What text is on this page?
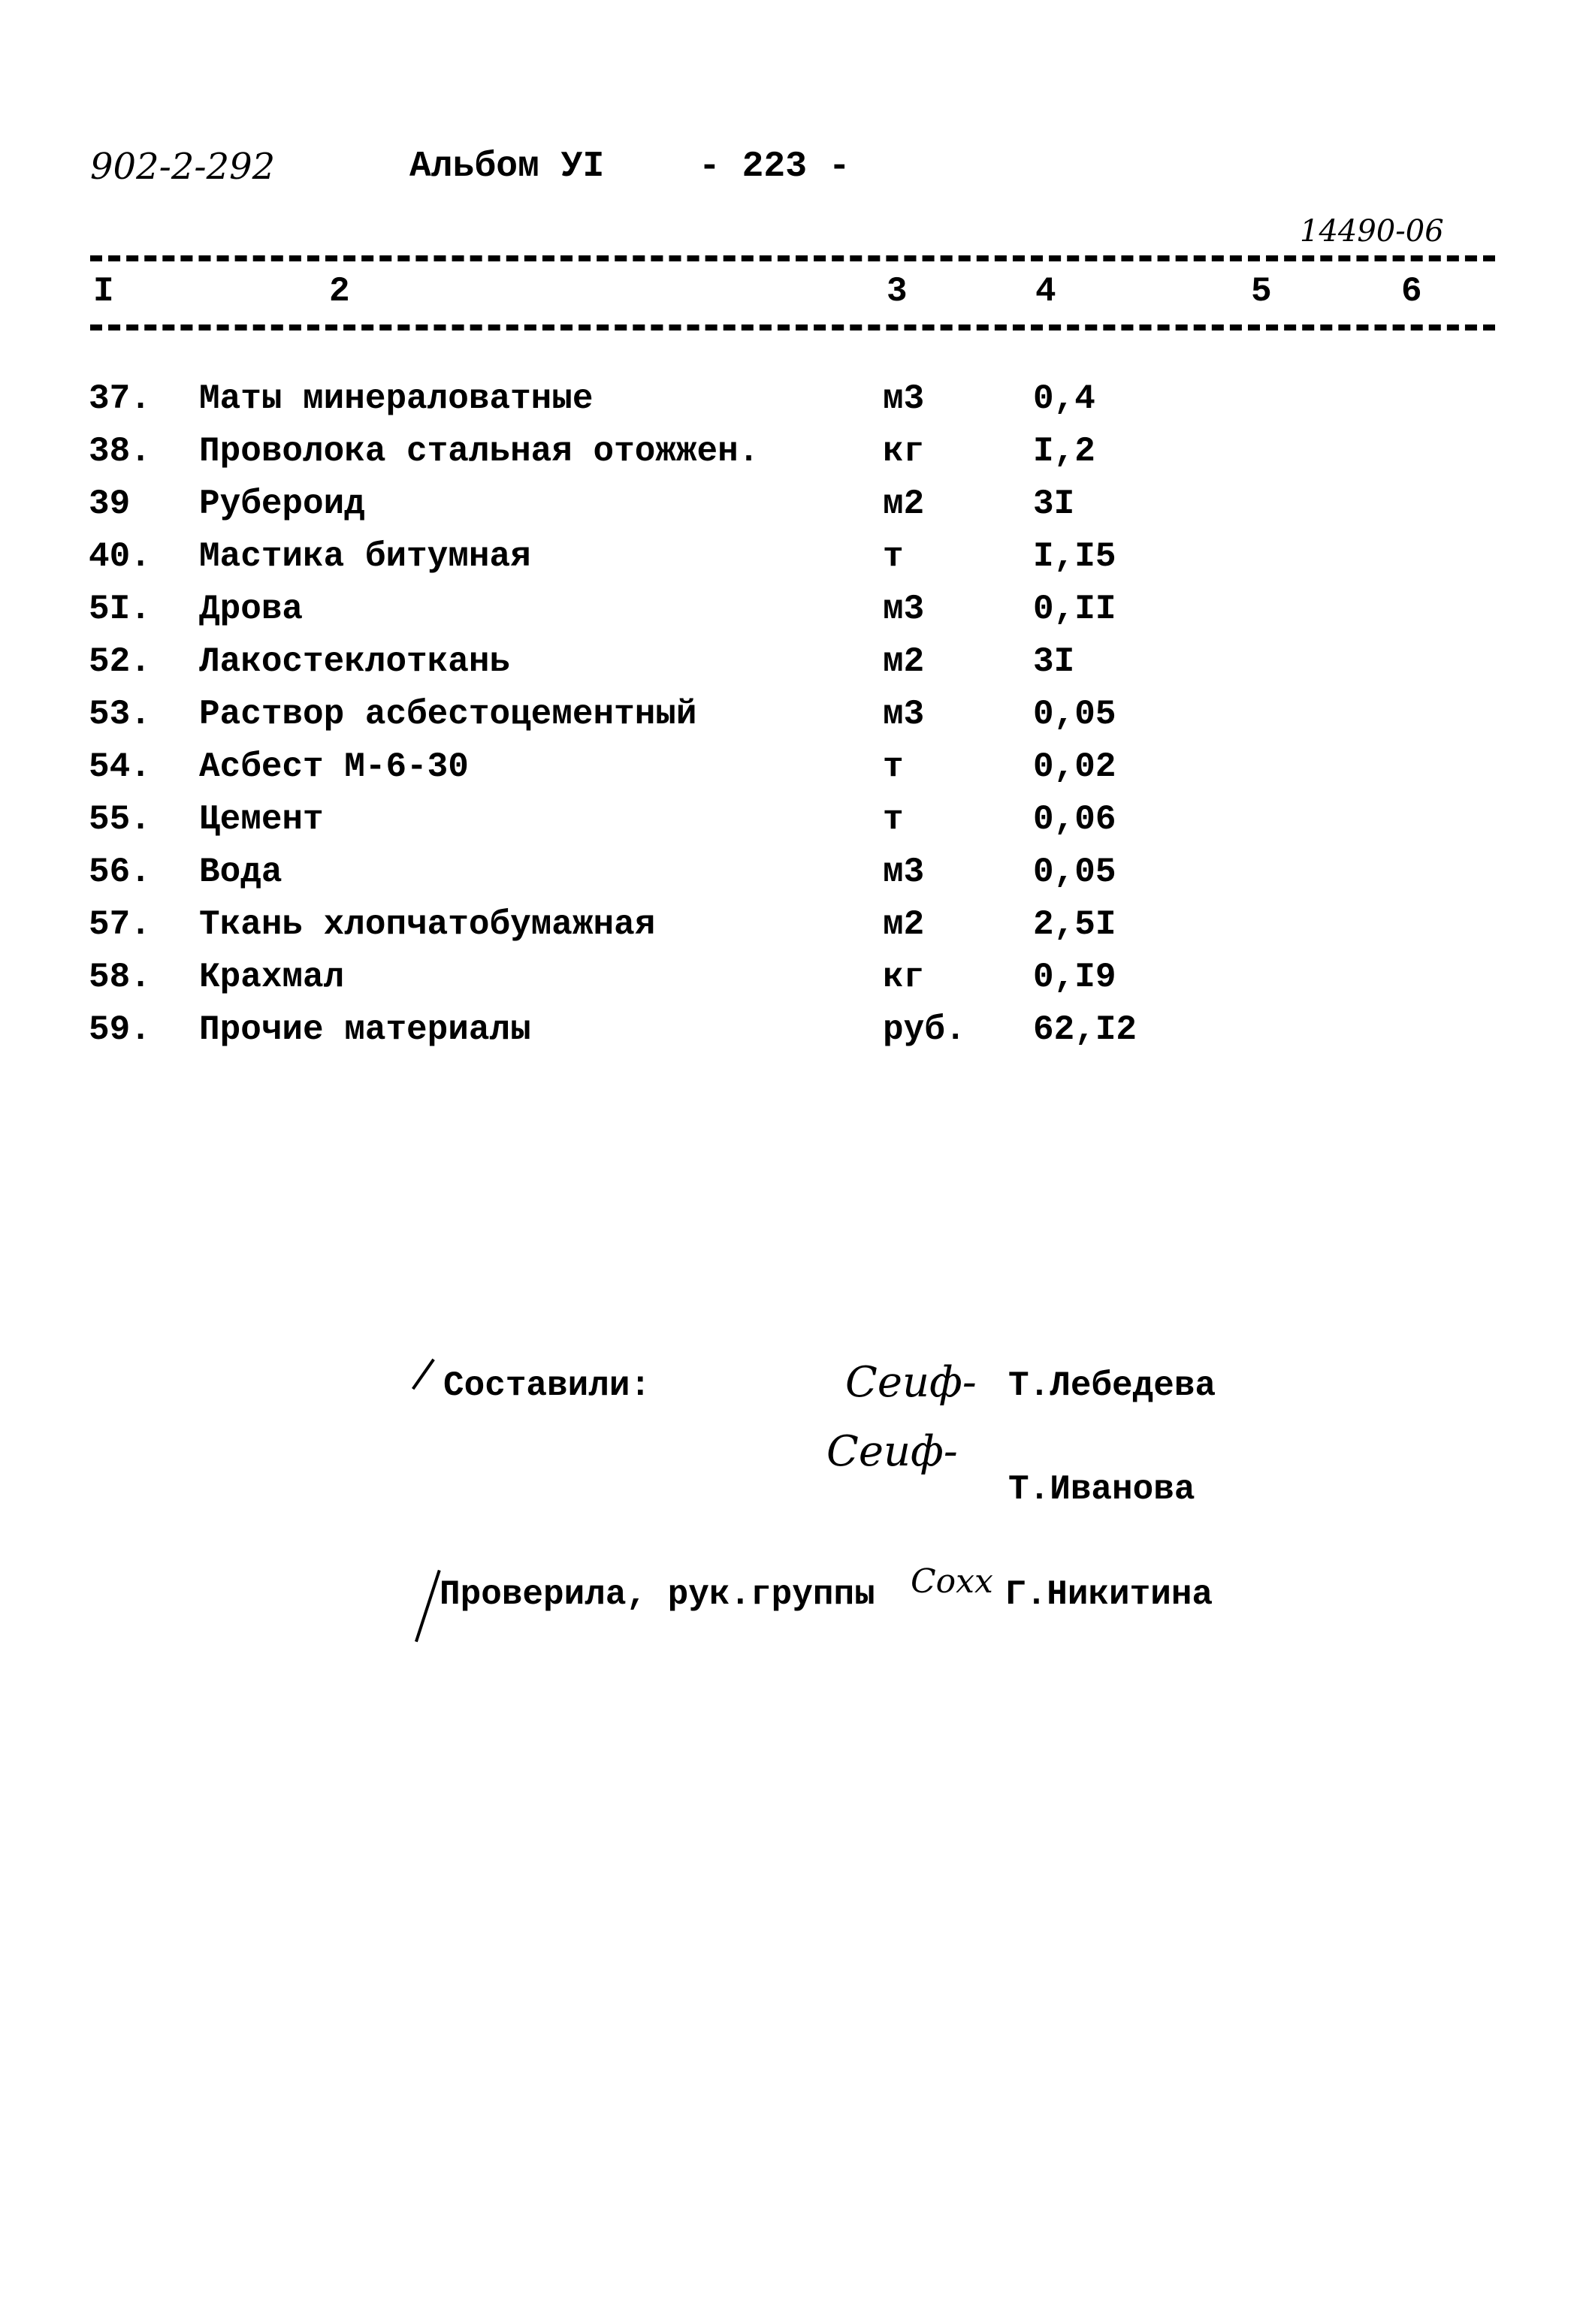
902-2-292	Альбом УI	- 223 -
14490-06
I	2	3	4	5	6
37. Маты минераловатные	м3	0,4
38. Проволока стальная отожжен.	кг	I,2
39 Рубероид	м2	3I
40. Мастика битумная	т	I,I5
5I. Дрова	м3	0,II
52. Лакостеклоткань	м2	3I
53. Раствор асбестоцементный	м3	0,05
54. Асбест М-6-30	т	0,02
55. Цемент	т	0,06
56. Вода	м3	0,05
57. Ткань хлопчатобумажная	м2	2,5I
58. Крахмал	кг	0,I9
59. Прочие материалы	руб. 62,I2
Составили:	Сеиф- Т.Лебедева
Сеиф-
Т.Иванова
Проверила, рук.группы Сохх Г.Никитина
